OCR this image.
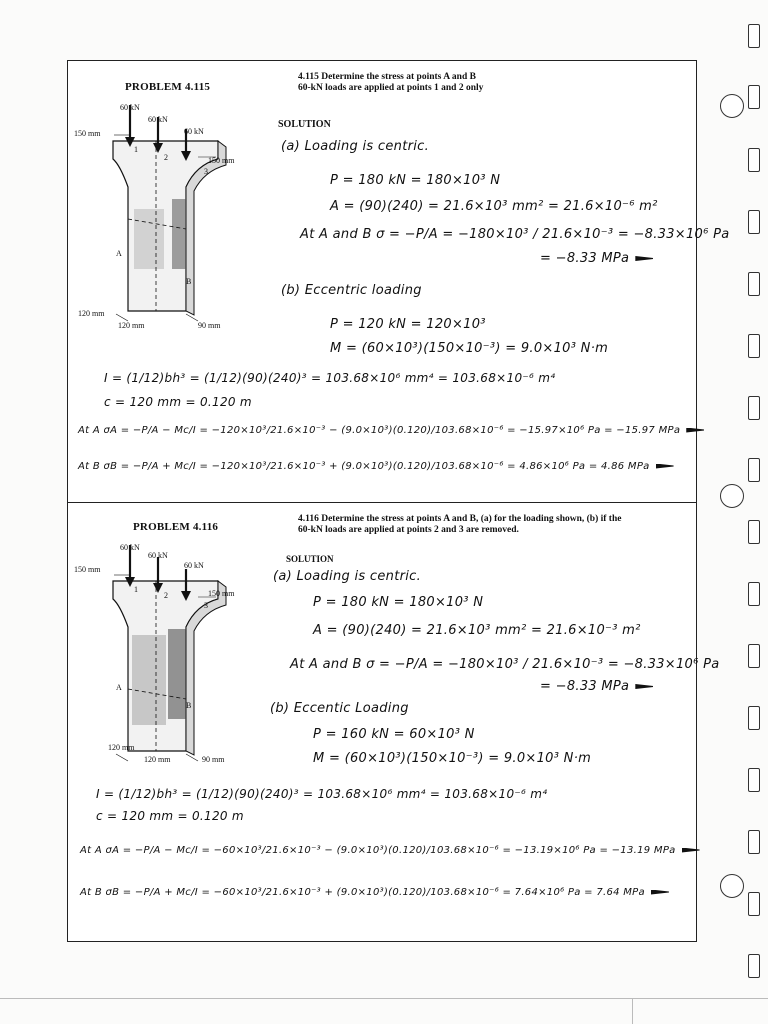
PROBLEM 4.115
4.115 Determine the stress at points A and B
60-kN loads are applied at points 1 and 2 only
60 kN
60 kN
60 kN
150 mm
150 mm
1
2
3
A
B
120 mm
120 mm	90 mm
SOLUTION
(a) Loading is centric.
P = 180 kN = 180×10³ N
A = (90)(240) = 21.6×10³ mm² = 21.6×10⁻⁶ m²
At A and B σ = −P/A = −180×10³ / 21.6×10⁻³ = −8.33×10⁶ Pa
= −8.33 MPa
(b) Eccentric loading
P = 120 kN = 120×10³
M = (60×10³)(150×10⁻³) = 9.0×10³ N·m
I = (1/12)bh³ = (1/12)(90)(240)³ = 103.68×10⁶ mm⁴ = 103.68×10⁻⁶ m⁴
c = 120 mm = 0.120 m
At A σA = −P/A − Mc/I = −120×10³/21.6×10⁻³ − (9.0×10³)(0.120)/103.68×10⁻⁶ = −15.97×10⁶ Pa = −15.97 MPa
At B σB = −P/A + Mc/I = −120×10³/21.6×10⁻³ + (9.0×10³)(0.120)/103.68×10⁻⁶ = 4.86×10⁶ Pa = 4.86 MPa
PROBLEM 4.116
4.116 Determine the stress at points A and B, (a) for the loading shown, (b) if the
60-kN loads are applied at points 2 and 3 are removed.
60 kN
60 kN
60 kN
150 mm
150 mm
1
2
3
A
B
120 mm
120 mm	90 mm
SOLUTION
(a) Loading is centric.
P = 180 kN = 180×10³ N
A = (90)(240) = 21.6×10³ mm² = 21.6×10⁻³ m²
At A and B σ = −P/A = −180×10³ / 21.6×10⁻³ = −8.33×10⁶ Pa
= −8.33 MPa
(b) Eccentic Loading
P = 160 kN = 60×10³ N
M = (60×10³)(150×10⁻³) = 9.0×10³ N·m
I = (1/12)bh³ = (1/12)(90)(240)³ = 103.68×10⁶ mm⁴ = 103.68×10⁻⁶ m⁴
c = 120 mm = 0.120 m
At A σA = −P/A − Mc/I = −60×10³/21.6×10⁻³ − (9.0×10³)(0.120)/103.68×10⁻⁶ = −13.19×10⁶ Pa = −13.19 MPa
At B σB = −P/A + Mc/I = −60×10³/21.6×10⁻³ + (9.0×10³)(0.120)/103.68×10⁻⁶ = 7.64×10⁶ Pa = 7.64 MPa
